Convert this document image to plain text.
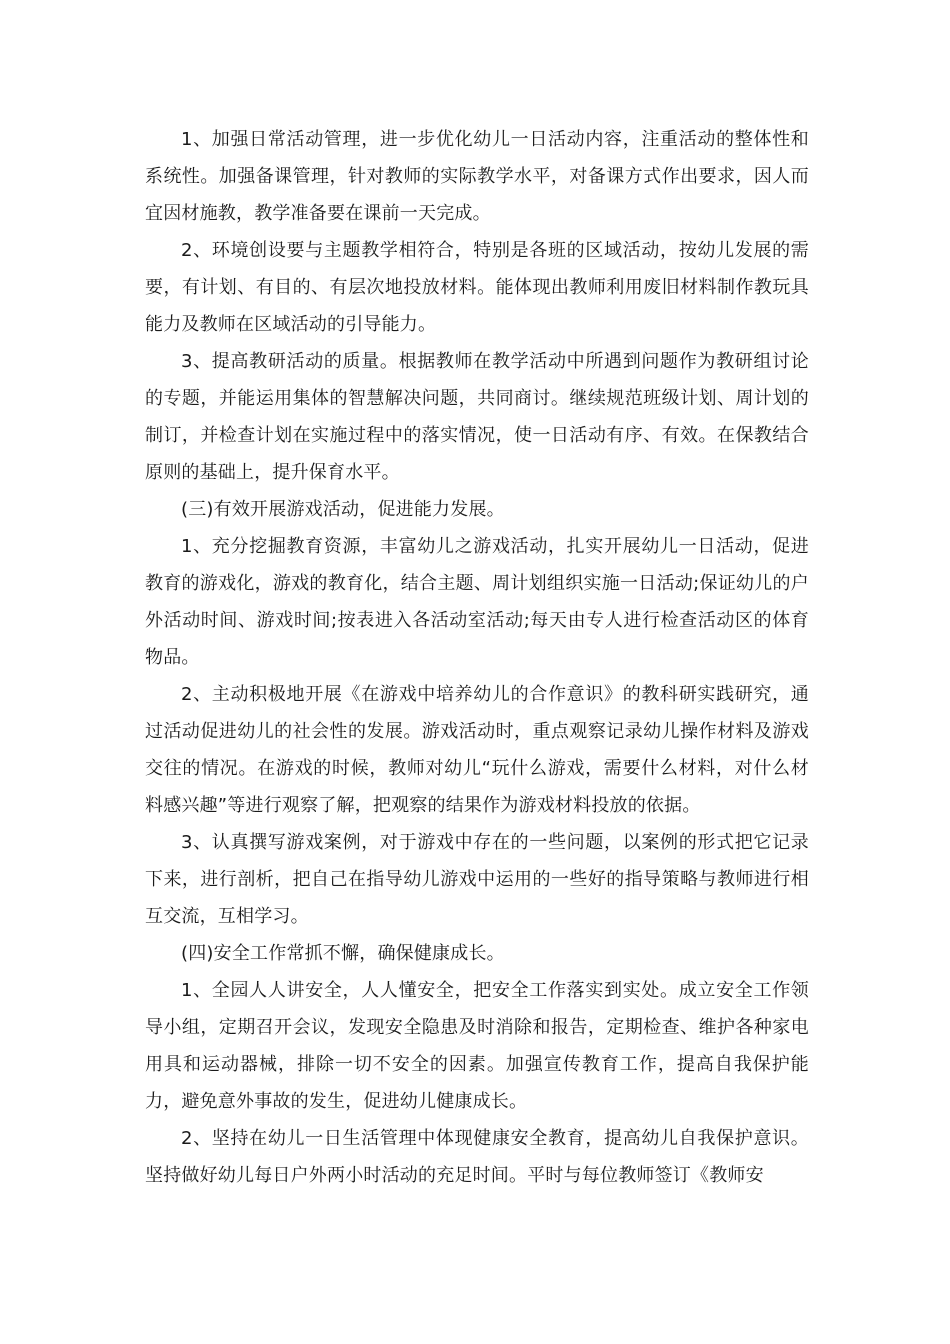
1、加强日常活动管理，进一步优化幼儿一日活动内容，注重活动的整体性和系统性。加强备课管理，针对教师的实际教学水平，对备课方式作出要求，因人而宜因材施教，教学准备要在课前一天完成。

2、环境创设要与主题教学相符合，特别是各班的区域活动，按幼儿发展的需要，有计划、有目的、有层次地投放材料。能体现出教师利用废旧材料制作教玩具能力及教师在区域活动的引导能力。

3、提高教研活动的质量。根据教师在教学活动中所遇到问题作为教研组讨论的专题，并能运用集体的智慧解决问题，共同商讨。继续规范班级计划、周计划的制订，并检查计划在实施过程中的落实情况，使一日活动有序、有效。在保教结合原则的基础上，提升保育水平。

(三)有效开展游戏活动，促进能力发展。

1、充分挖掘教育资源，丰富幼儿之游戏活动，扎实开展幼儿一日活动，促进教育的游戏化，游戏的教育化，结合主题、周计划组织实施一日活动;保证幼儿的户外活动时间、游戏时间;按表进入各活动室活动;每天由专人进行检查活动区的体育物品。

2、主动积极地开展《在游戏中培养幼儿的合作意识》的教科研实践研究，通过活动促进幼儿的社会性的发展。游戏活动时，重点观察记录幼儿操作材料及游戏交往的情况。在游戏的时候，教师对幼儿“玩什么游戏，需要什么材料，对什么材料感兴趣”等进行观察了解，把观察的结果作为游戏材料投放的依据。

3、认真撰写游戏案例，对于游戏中存在的一些问题，以案例的形式把它记录下来，进行剖析，把自己在指导幼儿游戏中运用的一些好的指导策略与教师进行相互交流，互相学习。

(四)安全工作常抓不懈，确保健康成长。

1、全园人人讲安全，人人懂安全，把安全工作落实到实处。成立安全工作领导小组，定期召开会议，发现安全隐患及时消除和报告，定期检查、维护各种家电用具和运动器械，排除一切不安全的因素。加强宣传教育工作，提高自我保护能力，避免意外事故的发生，促进幼儿健康成长。

2、坚持在幼儿一日生活管理中体现健康安全教育，提高幼儿自我保护意识。坚持做好幼儿每日户外两小时活动的充足时间。平时与每位教师签订《教师安
